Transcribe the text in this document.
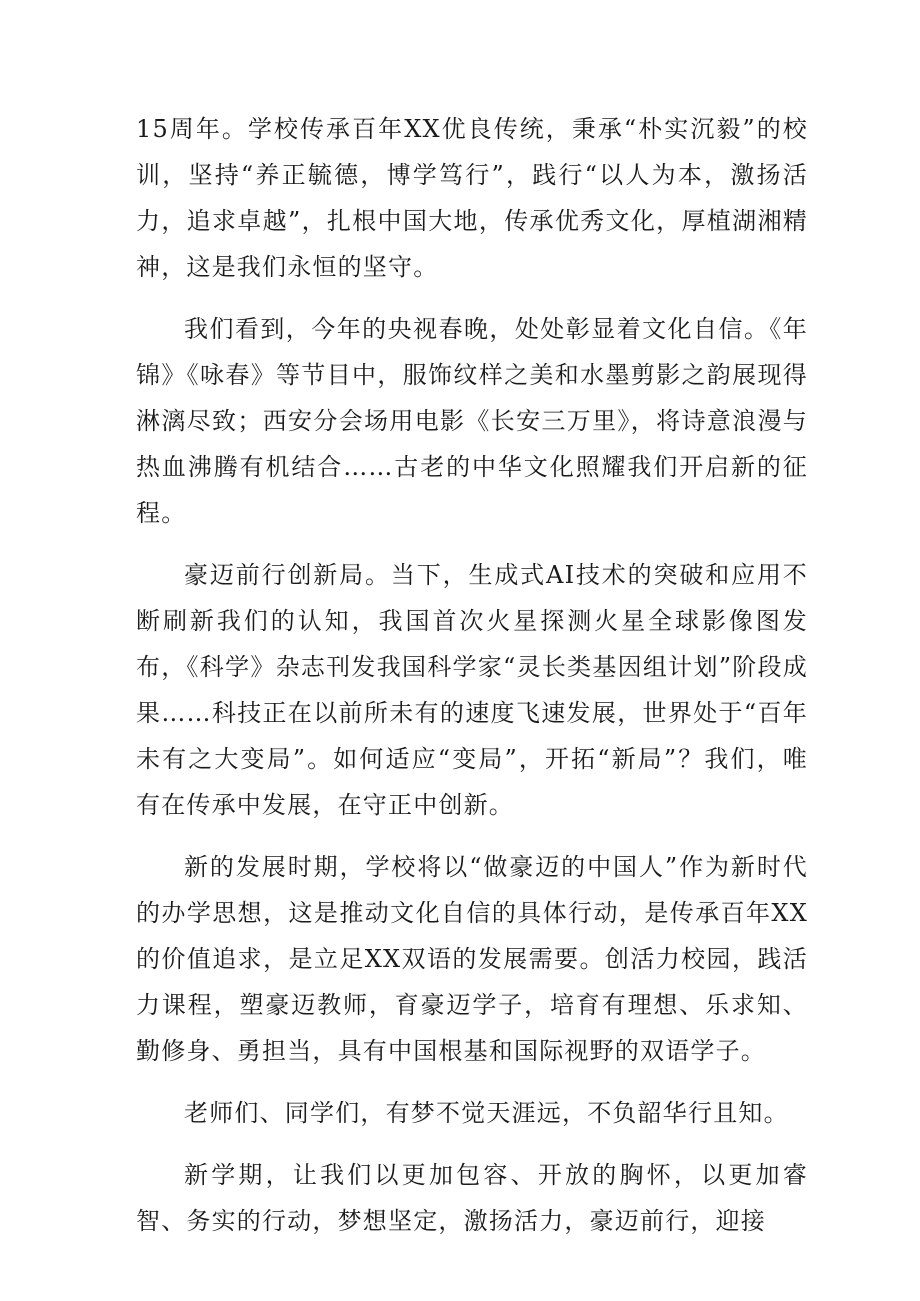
15周年。学校传承百年XX优良传统，秉承“朴实沉毅”的校训，坚持“养正毓德，博学笃行”，践行“以人为本，激扬活力，追求卓越”，扎根中国大地，传承优秀文化，厚植湖湘精神，这是我们永恒的坚守。

我们看到，今年的央视春晚，处处彰显着文化自信。《年锦》《咏春》等节目中，服饰纹样之美和水墨剪影之韵展现得淋漓尽致；西安分会场用电影《长安三万里》，将诗意浪漫与热血沸腾有机结合……古老的中华文化照耀我们开启新的征程。

豪迈前行创新局。当下，生成式AI技术的突破和应用不断刷新我们的认知，我国首次火星探测火星全球影像图发布，《科学》杂志刊发我国科学家“灵长类基因组计划”阶段成果……科技正在以前所未有的速度飞速发展，世界处于“百年未有之大变局”。如何适应“变局”，开拓“新局”？我们，唯有在传承中发展，在守正中创新。

新的发展时期，学校将以“做豪迈的中国人”作为新时代的办学思想，这是推动文化自信的具体行动，是传承百年XX的价值追求，是立足XX双语的发展需要。创活力校园，践活力课程，塑豪迈教师，育豪迈学子，培育有理想、乐求知、勤修身、勇担当，具有中国根基和国际视野的双语学子。

老师们、同学们，有梦不觉天涯远，不负韶华行且知。

新学期，让我们以更加包容、开放的胸怀，以更加睿智、务实的行动，梦想坚定，激扬活力，豪迈前行，迎接
